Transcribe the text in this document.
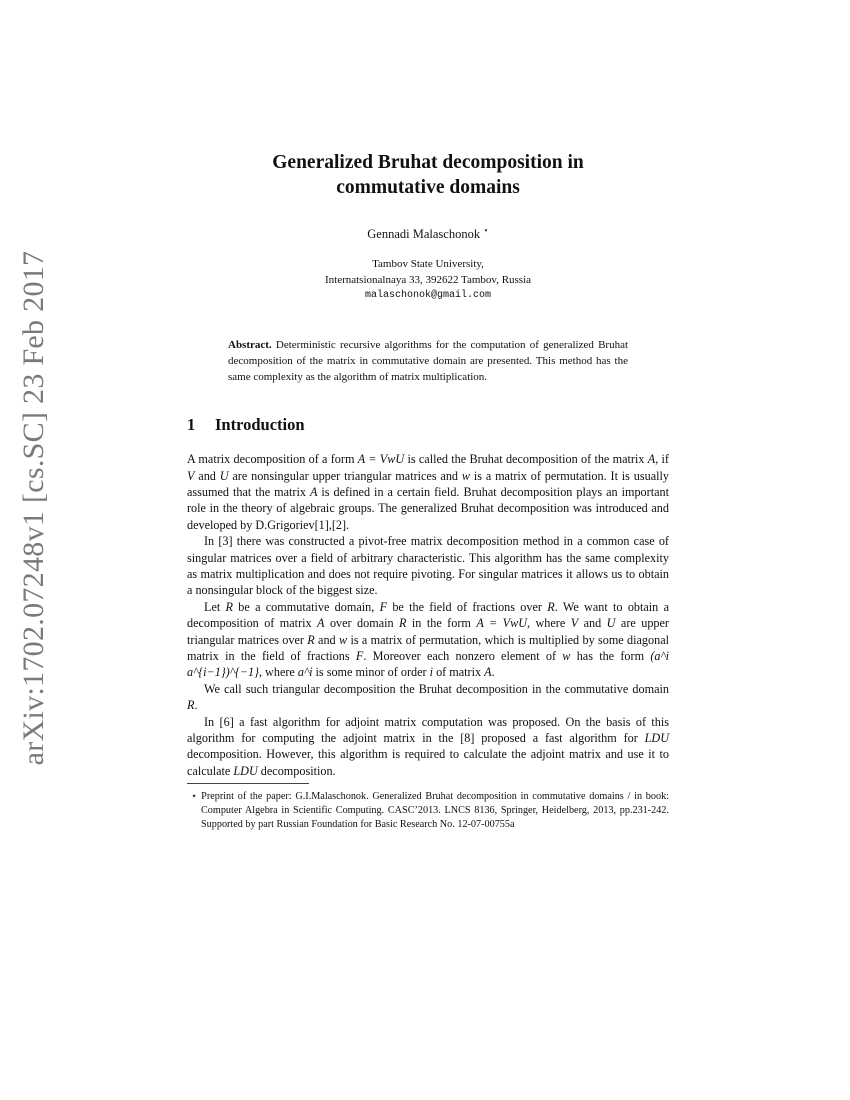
arXiv:1702.07248v1 [cs.SC] 23 Feb 2017
Generalized Bruhat decomposition in
commutative domains
Gennadi Malaschonok ⋆
Tambov State University,
Internatsionalnaya 33, 392622 Tambov, Russia
malaschonok@gmail.com
Abstract. Deterministic recursive algorithms for the computation of generalized Bruhat decomposition of the matrix in commutative domain are presented. This method has the same complexity as the algorithm of matrix multiplication.
1 Introduction

A matrix decomposition of a form A = VwU is called the Bruhat decomposition of the matrix A, if V and U are nonsingular upper triangular matrices and w is a matrix of permutation. It is usually assumed that the matrix A is defined in a certain field. Bruhat decomposition plays an important role in the theory of algebraic groups. The generalized Bruhat decomposition was introduced and developed by D.Grigoriev[1],[2].

In [3] there was constructed a pivot-free matrix decomposition method in a common case of singular matrices over a field of arbitrary characteristic. This algorithm has the same complexity as matrix multiplication and does not require pivoting. For singular matrices it allows us to obtain a nonsingular block of the biggest size.

Let R be a commutative domain, F be the field of fractions over R. We want to obtain a decomposition of matrix A over domain R in the form A = VwU, where V and U are upper triangular matrices over R and w is a matrix of permutation, which is multiplied by some diagonal matrix in the field of fractions F. Moreover each nonzero element of w has the form (a^i a^{i−1})^{−1}, where a^i is some minor of order i of matrix A.

We call such triangular decomposition the Bruhat decomposition in the commutative domain R.

In [6] a fast algorithm for adjoint matrix computation was proposed. On the basis of this algorithm for computing the adjoint matrix in the [8] proposed a fast algorithm for LDU decomposition. However, this algorithm is required to calculate the adjoint matrix and use it to calculate LDU decomposition.

⋆ Preprint of the paper: G.I.Malaschonok. Generalized Bruhat decomposition in commutative domains / in book: Computer Algebra in Scientific Computing. CASC’2013. LNCS 8136, Springer, Heidelberg, 2013, pp.231-242. Supported by part Russian Foundation for Basic Research No. 12-07-00755a
